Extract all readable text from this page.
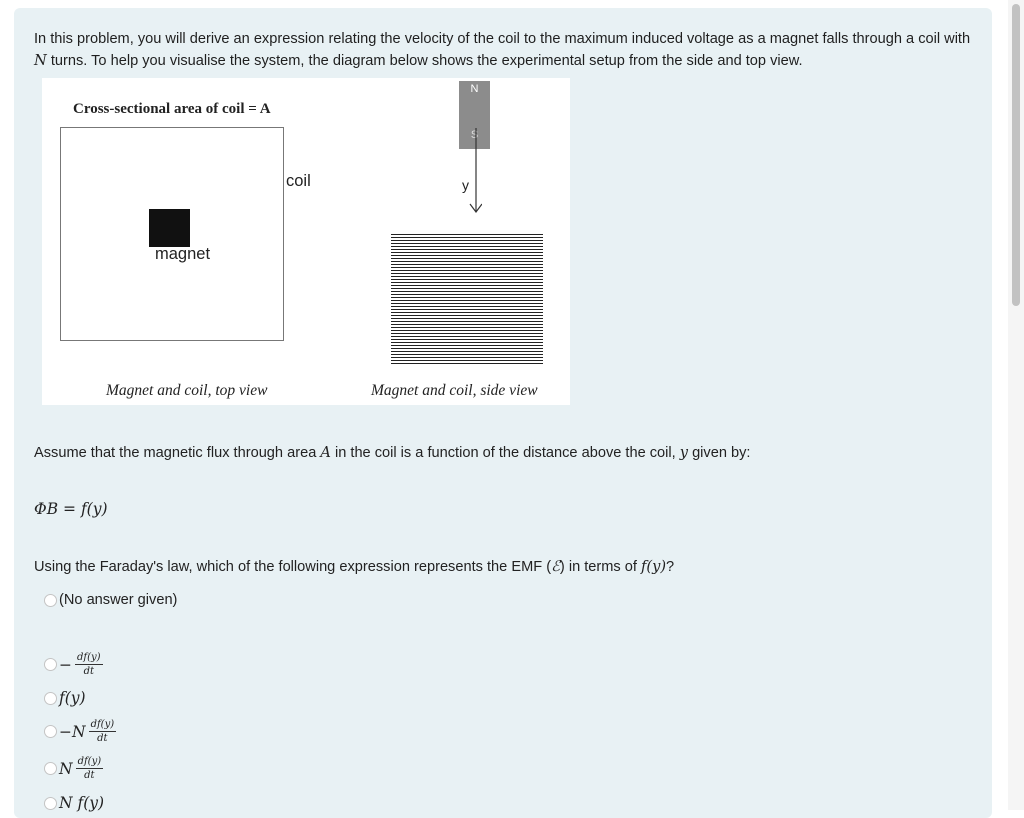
In this problem, you will derive an expression relating the velocity of the coil to the maximum induced voltage as a magnet falls through a coil with N turns. To help you visualise the system, the diagram below shows the experimental setup from the side and top view.

Cross-sectional area of coil = A
magnet
coil
N
S
y
Magnet and coil, top view	Magnet and coil, side view

Assume that the magnetic flux through area A in the coil is a function of the distance above the coil, y given by:

ΦB = f(y)

Using the Faraday's law, which of the following expression represents the EMF (ℰ) in terms of f(y)?

(No answer given)
− $\frac{df(y)}{dt}$
f(y)
$-N \frac{df(y)}{dt}$
N $\frac{df(y)}{dt}$
N f(y)
